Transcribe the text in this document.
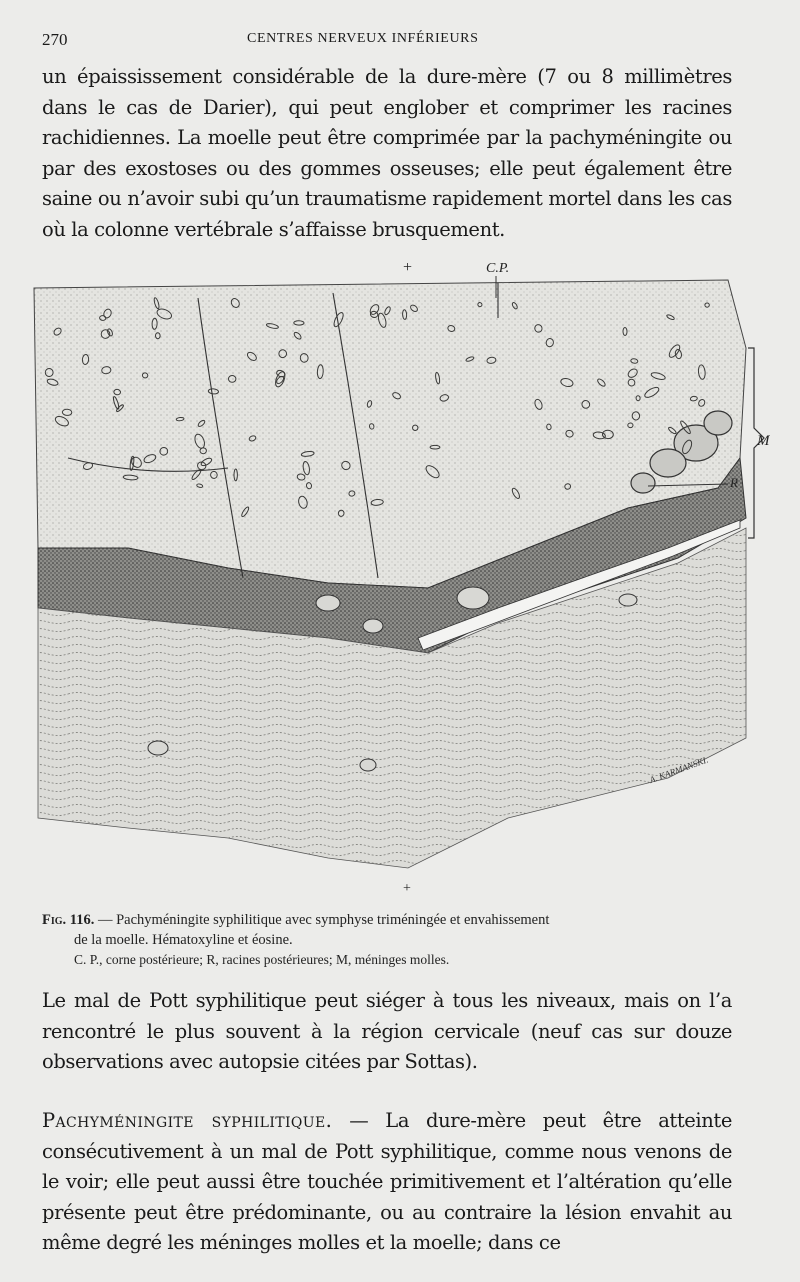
270	CENTRES NERVEUX INFÉRIEURS

un épaississement considérable de la dure-mère (7 ou 8 millimètres dans le cas de Darier), qui peut englober et comprimer les racines rachidiennes. La moelle peut être comprimée par la pachyméningite ou par des exostoses ou des gommes osseuses; elle peut également être saine ou n’avoir subi qu’un traumatisme rapidement mortel dans les cas où la colonne vertébrale s’affaisse brusquement.

C.P.
+
R
M
+
A. KARMANSKI.
Fig. 116. — Pachyméningite syphilitique avec symphyse triméningée et envahissement
de la moelle. Hématoxyline et éosine.
C. P., corne postérieure; R, racines postérieures; M, méninges molles.

Le mal de Pott syphilitique peut siéger à tous les niveaux, mais on l’a rencontré le plus souvent à la région cervicale (neuf cas sur douze observations avec autopsie citées par Sottas).

Pachyméningite syphilitique. — La dure-mère peut être atteinte consécutivement à un mal de Pott syphilitique, comme nous venons de le voir; elle peut aussi être touchée primitivement et l’altération qu’elle présente peut être prédominante, ou au contraire la lésion envahit au même degré les méninges molles et la moelle; dans ce
